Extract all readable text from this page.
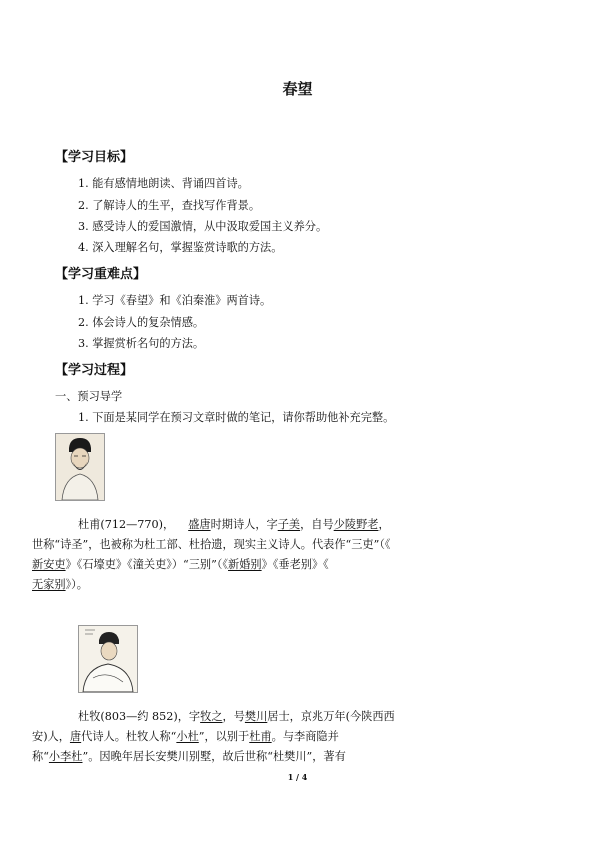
春望
【学习目标】
1. 能有感情地朗读、背诵四首诗。
2. 了解诗人的生平，查找写作背景。
3. 感受诗人的爱国激情，从中汲取爱国主义养分。
4. 深入理解名句，掌握鉴赏诗歌的方法。
【学习重难点】
1. 学习《春望》和《泊秦淮》两首诗。
2. 体会诗人的复杂情感。
3. 掌握赏析名句的方法。
【学习过程】
一、预习导学
1. 下面是某同学在预习文章时做的笔记，请你帮助他补充完整。
杜甫(712—770)， 盛唐时期诗人，字子美，自号少陵野老，
世称“诗圣”，也被称为杜工部、杜拾遗，现实主义诗人。代表作“三吏”（《
新安吏》《石壕吏》《潼关吏》）“三别”（《新婚别》《垂老别》《
无家别》）。
杜牧(803—约 852)，字牧之，号樊川居士，京兆万年(今陕西西
安)人，唐代诗人。杜牧人称“小杜”，以别于杜甫。与李商隐并
称“小李杜”。因晚年居长安樊川别墅，故后世称“杜樊川”，著有
1 / 4
